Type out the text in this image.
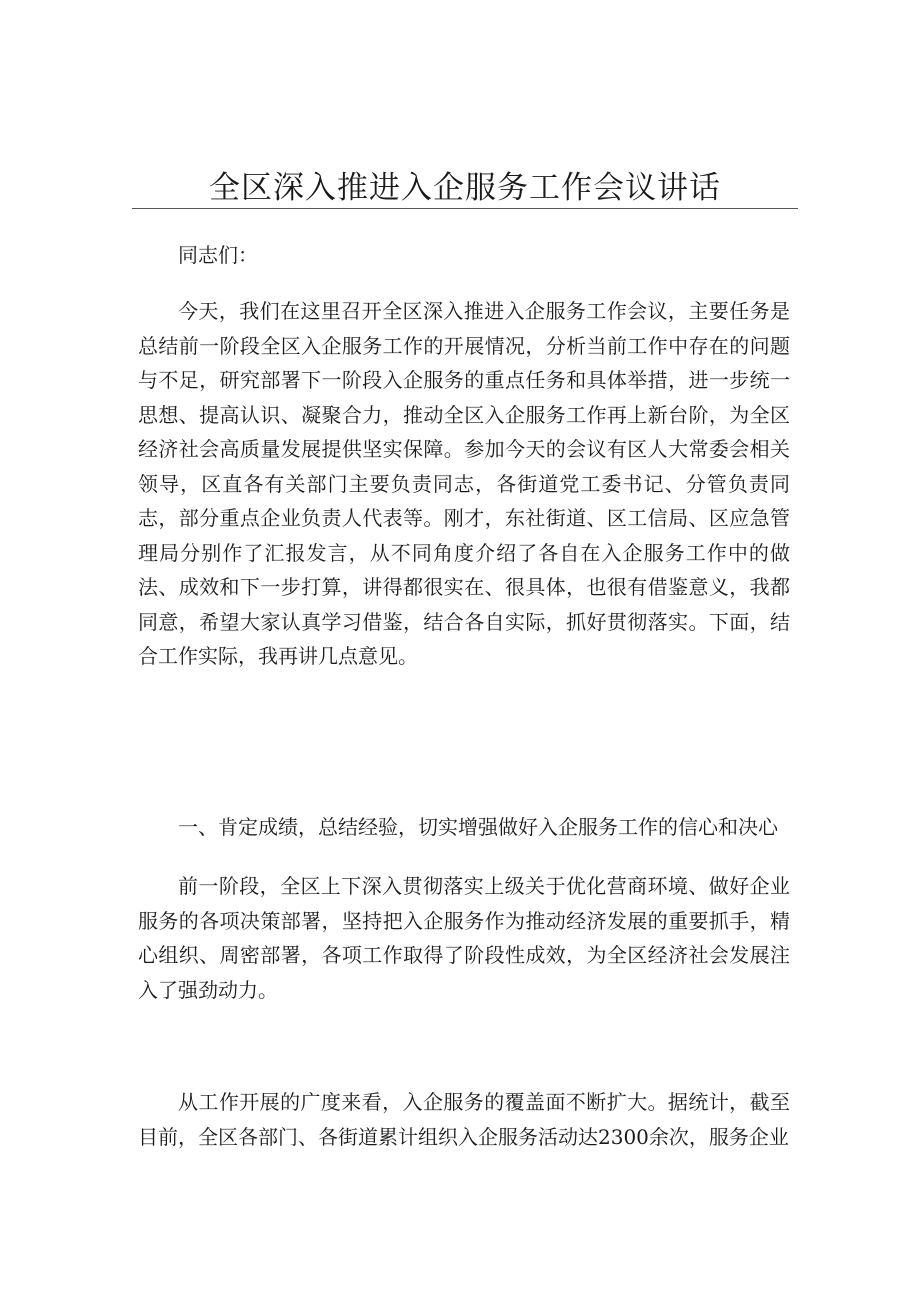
全区深入推进入企服务工作会议讲话

同志们：

今天，我们在这里召开全区深入推进入企服务工作会议，主要任务是总结前一阶段全区入企服务工作的开展情况，分析当前工作中存在的问题与不足，研究部署下一阶段入企服务的重点任务和具体举措，进一步统一思想、提高认识、凝聚合力，推动全区入企服务工作再上新台阶，为全区经济社会高质量发展提供坚实保障。参加今天的会议有区人大常委会相关领导，区直各有关部门主要负责同志，各街道党工委书记、分管负责同志，部分重点企业负责人代表等。刚才，东社街道、区工信局、区应急管理局分别作了汇报发言，从不同角度介绍了各自在入企服务工作中的做法、成效和下一步打算，讲得都很实在、很具体，也很有借鉴意义，我都同意，希望大家认真学习借鉴，结合各自实际，抓好贯彻落实。下面，结合工作实际，我再讲几点意见。

一、肯定成绩，总结经验，切实增强做好入企服务工作的信心和决心

前一阶段，全区上下深入贯彻落实上级关于优化营商环境、做好企业服务的各项决策部署，坚持把入企服务作为推动经济发展的重要抓手，精心组织、周密部署，各项工作取得了阶段性成效，为全区经济社会发展注入了强劲动力。

从工作开展的广度来看，入企服务的覆盖面不断扩大。据统计，截至目前，全区各部门、各街道累计组织入企服务活动达2300余次，服务企业
